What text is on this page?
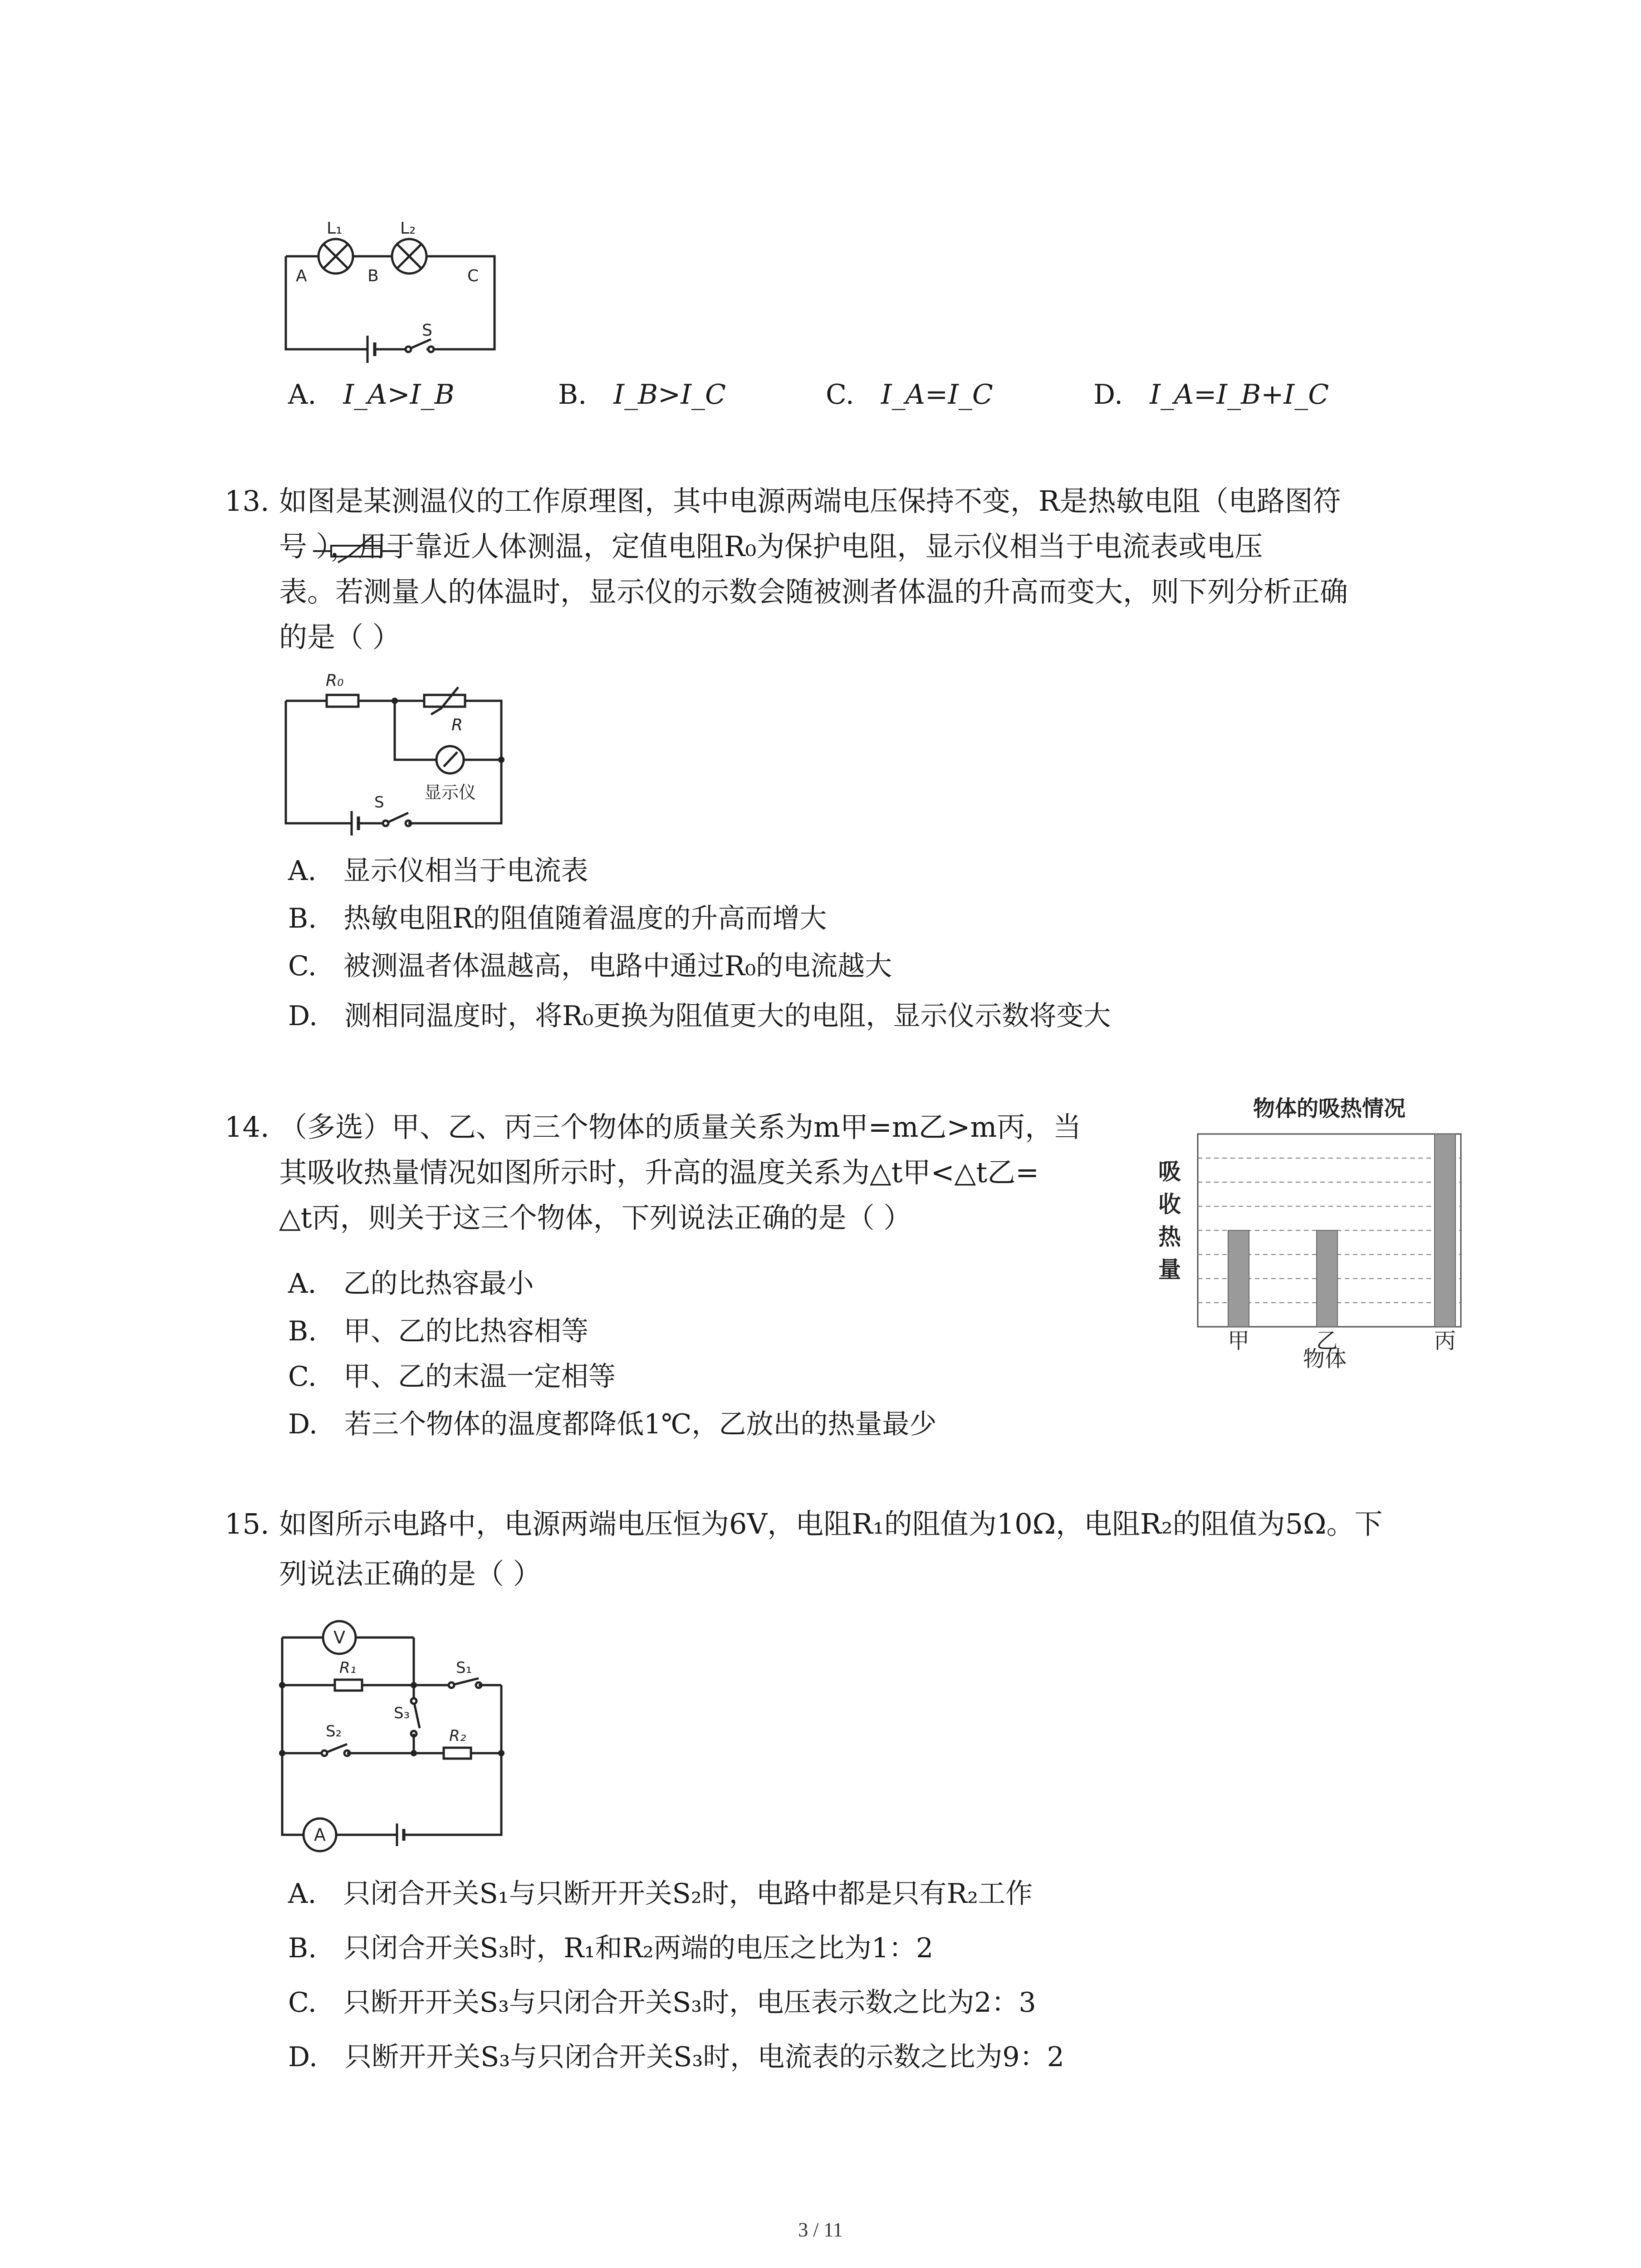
L₁	L₂
A	B	C
S
A. I_A>I_B	B. I_B>I_C	C. I_A=I_C	D. I_A=I_B+I_C
13. 如图是某测温仪的工作原理图，其中电源两端电压保持不变，R是热敏电阻（电路图符
号 ），用于靠近人体测温，定值电阻R₀为保护电阻，显示仪相当于电流表或电压
表。若测量人的体温时，显示仪的示数会随被测者体温的升高而变大，则下列分析正确
的是（ ）
R₀
R
显示仪
S
A. 显示仪相当于电流表
B. 热敏电阻R的阻值随着温度的升高而增大
C. 被测温者体温越高，电路中通过R₀的电流越大
D. 测相同温度时，将R₀更换为阻值更大的电阻，显示仪示数将变大
14. （多选）甲、乙、丙三个物体的质量关系为m甲=m乙>m丙，当
其吸收热量情况如图所示时，升高的温度关系为△t甲<△t乙=
△t丙，则关于这三个物体，下列说法正确的是（ ）
A. 乙的比热容最小
B. 甲、乙的比热容相等
C. 甲、乙的末温一定相等
D. 若三个物体的温度都降低1℃，乙放出的热量最少
物体的吸热情况
甲	乙	丙
吸
收
热
量
物体
15. 如图所示电路中，电源两端电压恒为6V，电阻R₁的阻值为10Ω，电阻R₂的阻值为5Ω。下
列说法正确的是（ ）
V
A
R₁
R₂
S₁
S₂
S₃
A. 只闭合开关S₁与只断开开关S₂时，电路中都是只有R₂工作
B. 只闭合开关S₃时，R₁和R₂两端的电压之比为1：2
C. 只断开开关S₃与只闭合开关S₃时，电压表示数之比为2：3
D. 只断开开关S₃与只闭合开关S₃时，电流表的示数之比为9：2
3 / 11
